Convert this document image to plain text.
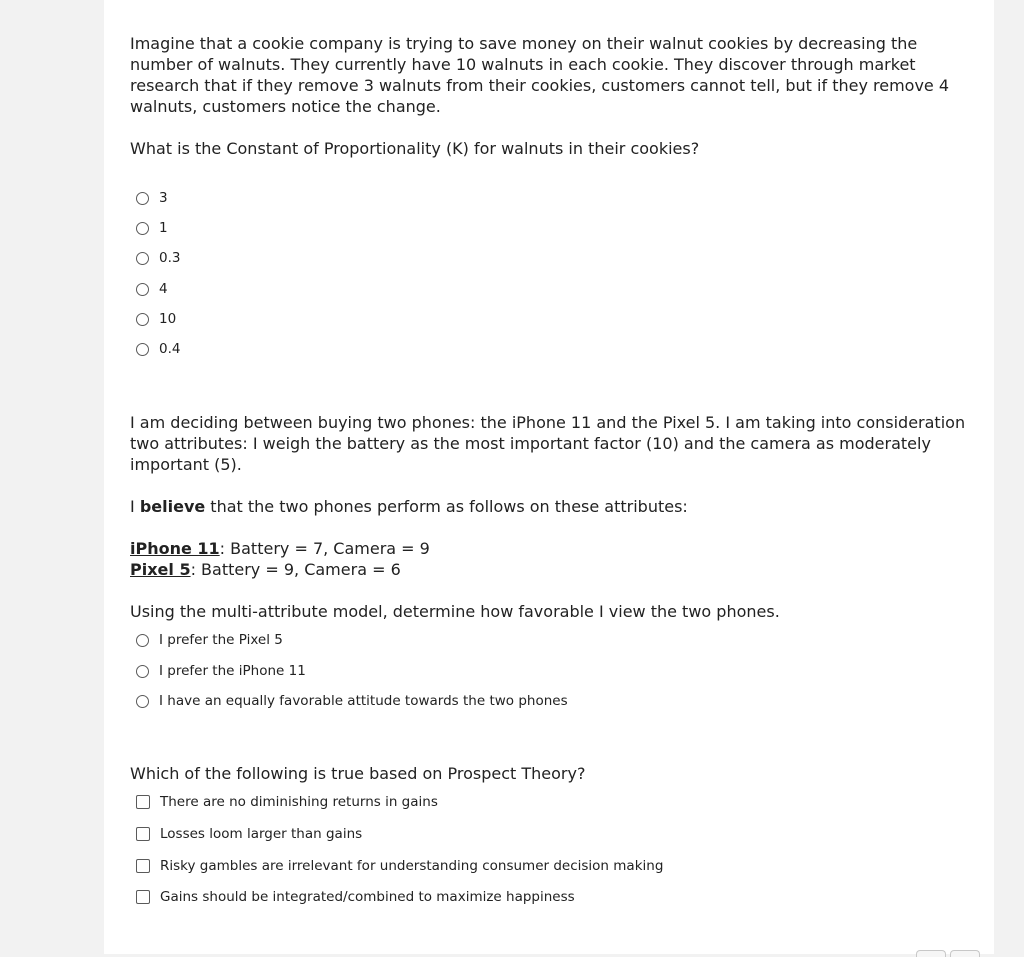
Imagine that a cookie company is trying to save money on their walnut cookies by decreasing the number of walnuts. They currently have 10 walnuts in each cookie. They discover through market research that if they remove 3 walnuts from their cookies, customers cannot tell, but if they remove 4 walnuts, customers notice the change.

What is the Constant of Proportionality (K) for walnuts in their cookies?

3
1
0.3
4
10
0.4

I am deciding between buying two phones: the iPhone 11 and the Pixel 5. I am taking into consideration two attributes: I weigh the battery as the most important factor (10) and the camera as moderately important (5).

I believe that the two phones perform as follows on these attributes:

iPhone 11: Battery = 7, Camera = 9

Pixel 5: Battery = 9, Camera = 6

Using the multi-attribute model, determine how favorable I view the two phones.

I prefer the Pixel 5
I prefer the iPhone 11
I have an equally favorable attitude towards the two phones

Which of the following is true based on Prospect Theory?

There are no diminishing returns in gains
Losses loom larger than gains
Risky gambles are irrelevant for understanding consumer decision making
Gains should be integrated/combined to maximize happiness
